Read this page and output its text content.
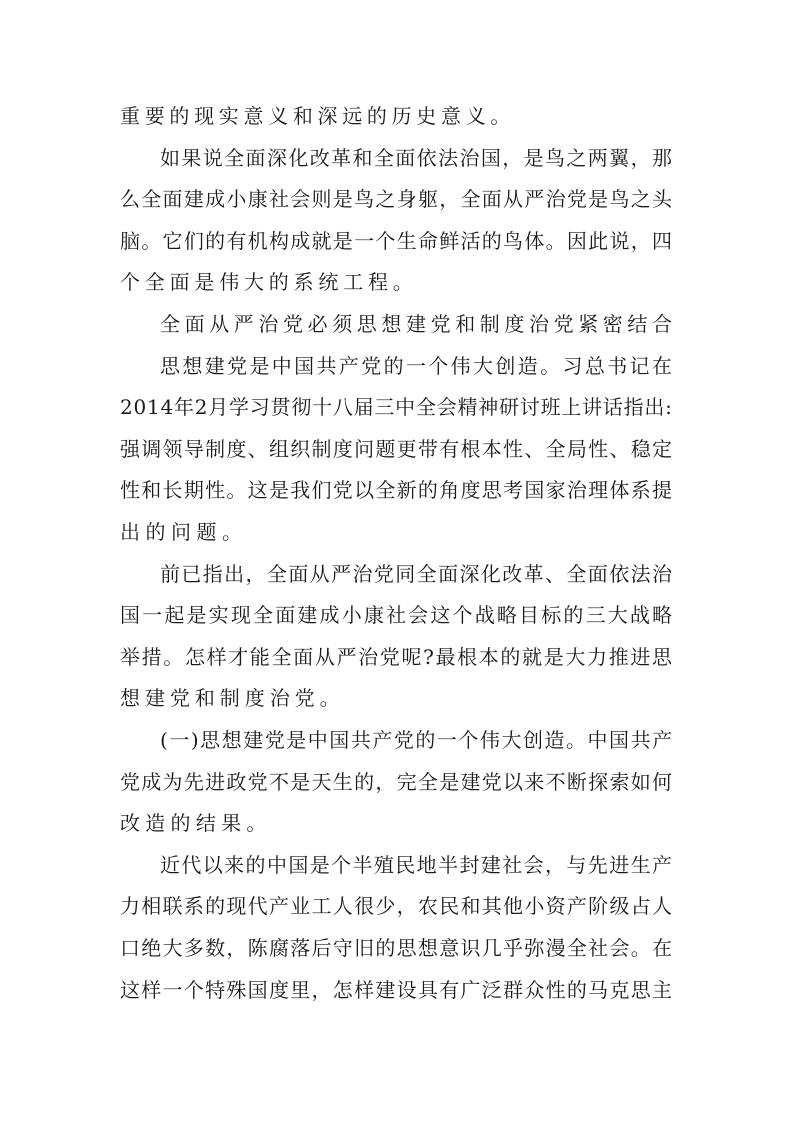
重要的现实意义和深远的历史意义。
如果说全面深化改革和全面依法治国，是鸟之两翼，那
么全面建成小康社会则是鸟之身躯，全面从严治党是鸟之头
脑。它们的有机构成就是一个生命鲜活的鸟体。因此说，四
个全面是伟大的系统工程。
全面从严治党必须思想建党和制度治党紧密结合
思想建党是中国共产党的一个伟大创造。习总书记在
2014年2月学习贯彻十八届三中全会精神研讨班上讲话指出:
强调领导制度、组织制度问题更带有根本性、全局性、稳定
性和长期性。这是我们党以全新的角度思考国家治理体系提
出的问题。
前已指出，全面从严治党同全面深化改革、全面依法治
国一起是实现全面建成小康社会这个战略目标的三大战略
举措。怎样才能全面从严治党呢?最根本的就是大力推进思
想建党和制度治党。
(一)思想建党是中国共产党的一个伟大创造。中国共产
党成为先进政党不是天生的，完全是建党以来不断探索如何
改造的结果。
近代以来的中国是个半殖民地半封建社会，与先进生产
力相联系的现代产业工人很少，农民和其他小资产阶级占人
口绝大多数，陈腐落后守旧的思想意识几乎弥漫全社会。在
这样一个特殊国度里，怎样建设具有广泛群众性的马克思主
